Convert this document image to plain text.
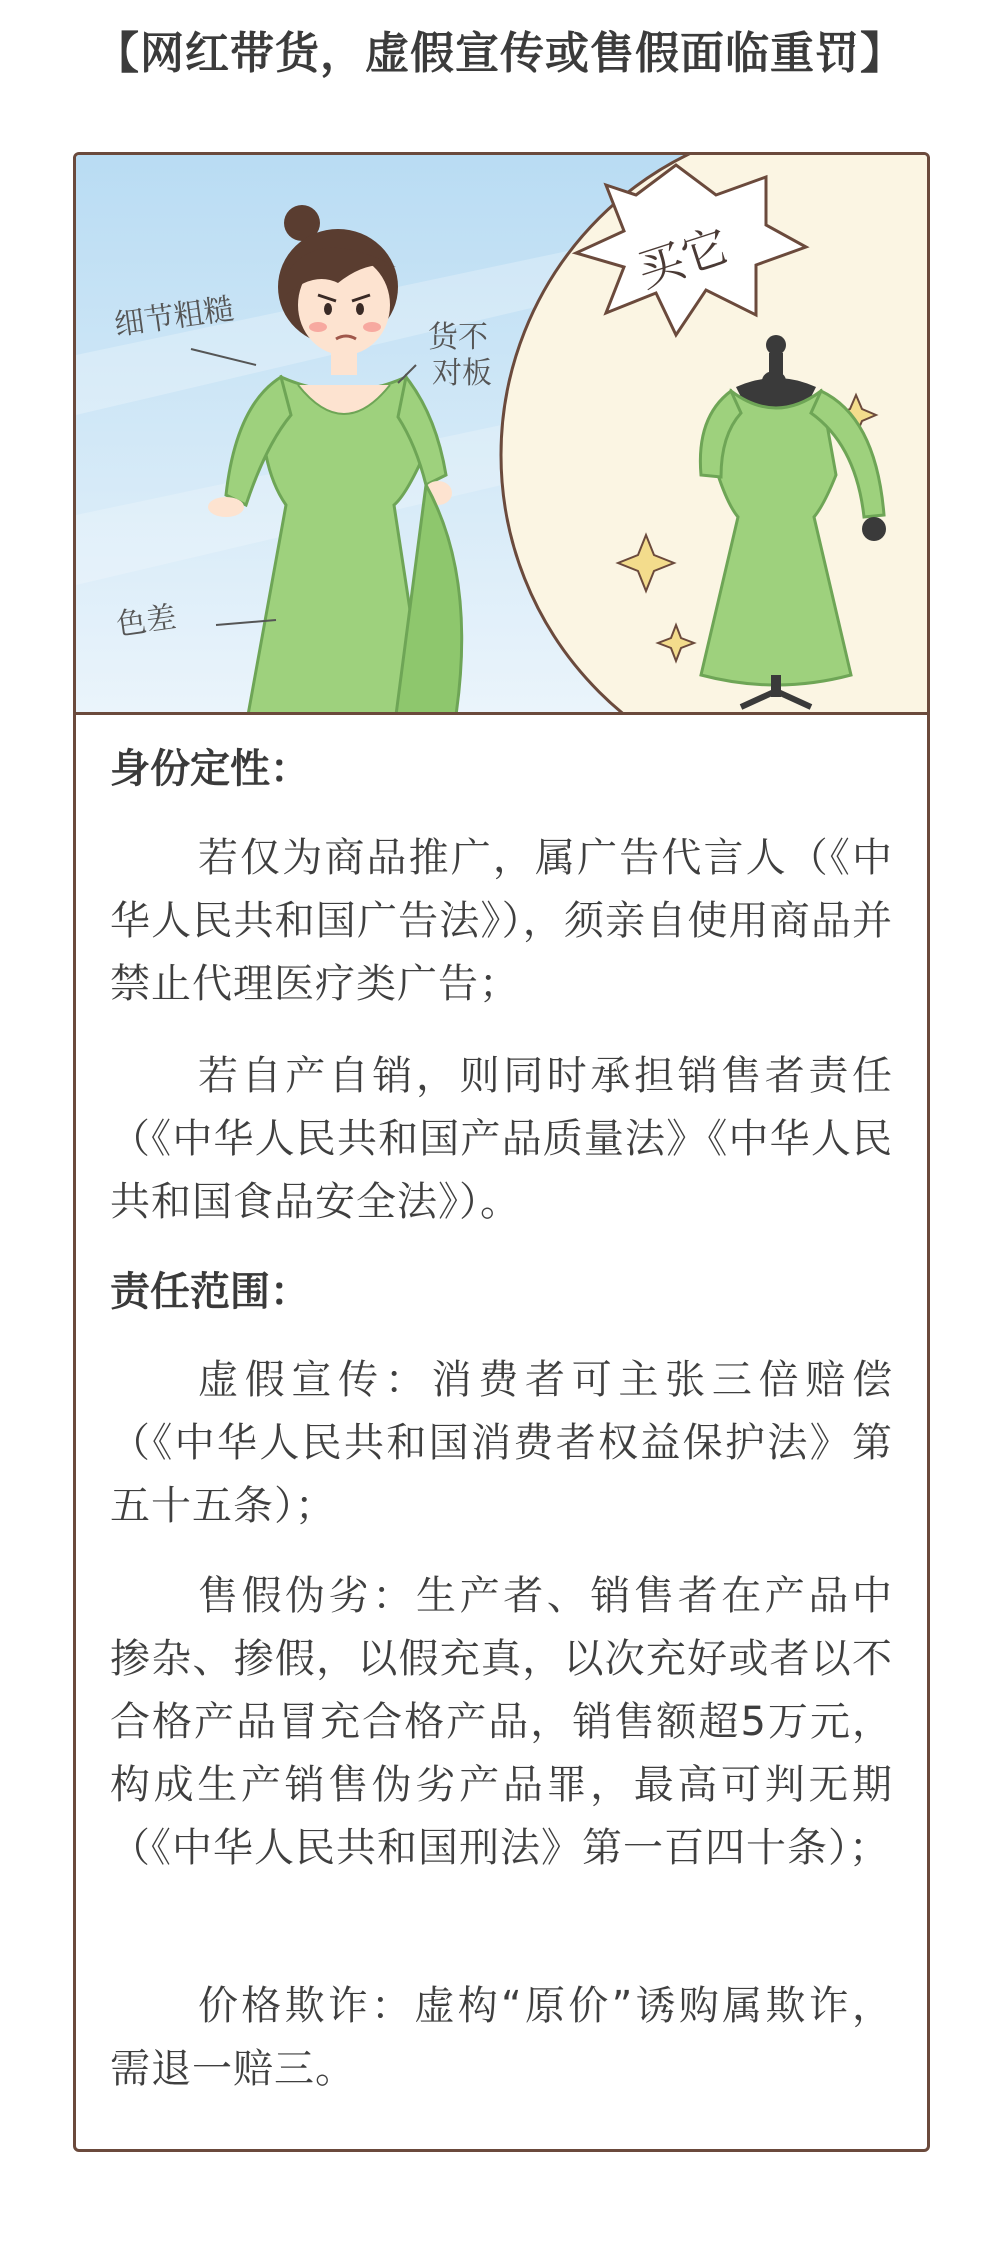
【网红带货，虚假宣传或售假面临重罚】
细节粗糙	货不
对板
色差
买它

身份定性：

若仅为商品推广，属广告代言人（《中华人民共和国广告法》），须亲自使用商品并禁止代理医疗类广告；

若自产自销，则同时承担销售者责任（《中华人民共和国产品质量法》《中华人民共和国食品安全法》）。

责任范围：

虚假宣传：消费者可主张三倍赔偿（《中华人民共和国消费者权益保护法》第五十五条）；

售假伪劣：生产者、销售者在产品中掺杂、掺假，以假充真，以次充好或者以不合格产品冒充合格产品，销售额超5万元，构成生产销售伪劣产品罪，最高可判无期（《中华人民共和国刑法》第一百四十条）；

价格欺诈：虚构“原价”诱购属欺诈，需退一赔三。
